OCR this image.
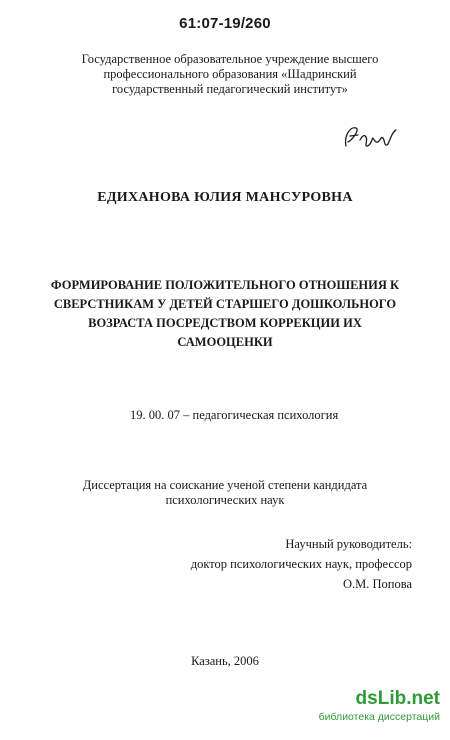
61:07-19/260
Государственное образовательное учреждение высшего профессионального образования «Шадринский государственный педагогический институт»
ЕДИХАНОВА ЮЛИЯ МАНСУРОВНА
ФОРМИРОВАНИЕ ПОЛОЖИТЕЛЬНОГО ОТНОШЕНИЯ К СВЕРСТНИКАМ У ДЕТЕЙ СТАРШЕГО ДОШКОЛЬНОГО ВОЗРАСТА ПОСРЕДСТВОМ КОРРЕКЦИИ ИХ САМООЦЕНКИ
19. 00. 07 – педагогическая психология
Диссертация на соискание ученой степени кандидата психологических наук
Научный руководитель:
доктор психологических наук, профессор
О.М. Попова
Казань, 2006
dsLib.net
библиотека диссертаций
